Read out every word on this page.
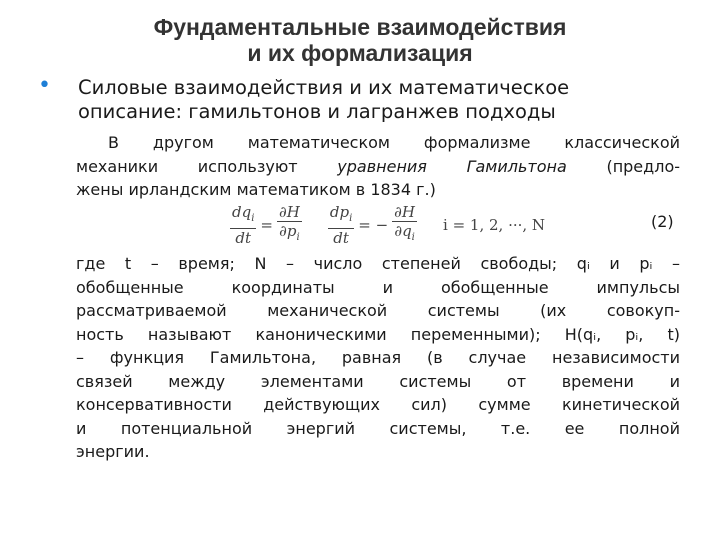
Фундаментальные взаимодействия
и их формализация
• Силовые взаимодействия и их математическое
описание: гамильтонов и лагранжев подходы
В другом математическом формализме классической
механики используют уравнения Гамильтона (предло-
жены ирландским математиком в 1834 г.)
$\frac{dq_i}{dt} = \frac{\partial H}{\partial p_i} \frac{dp_i}{dt}$ = − $\frac{\partial H}{\partial q_i}$ i = 1, 2, ···, N	(2)
где t – время; N – число степеней свободы; qᵢ и pᵢ –
обобщенные координаты и обобщенные импульсы
рассматриваемой механической системы (их совокуп-
ность называют каноническими переменными); H(qᵢ, pᵢ, t)
– функция Гамильтона, равная (в случае независимости
связей между элементами системы от времени и
консервативности действующих сил) сумме кинетической
и потенциальной энергий системы, т.е. ее полной
энергии.
